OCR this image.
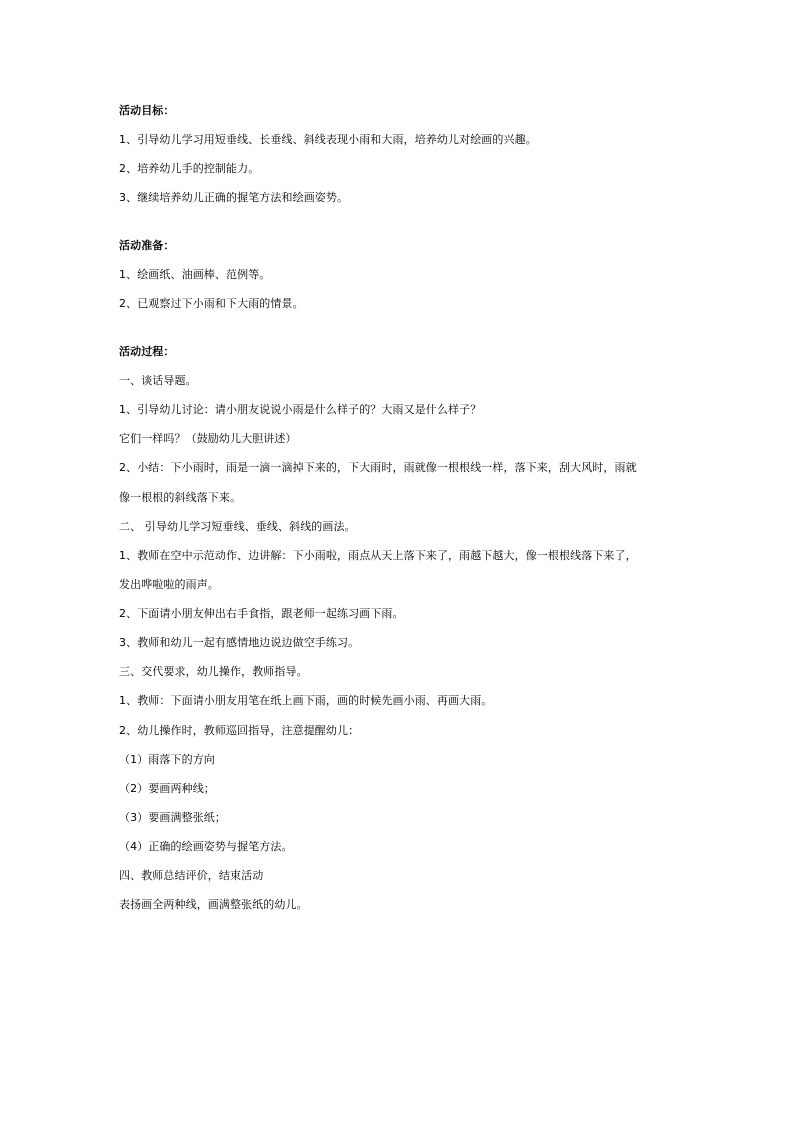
活动目标：
1、引导幼儿学习用短垂线、长垂线、斜线表现小雨和大雨，培养幼儿对绘画的兴趣。
2、培养幼儿手的控制能力。
3、继续培养幼儿正确的握笔方法和绘画姿势。
活动准备：
1、绘画纸、油画棒、范例等。
2、已观察过下小雨和下大雨的情景。
活动过程：
一、谈话导题。
1、引导幼儿讨论：请小朋友说说小雨是什么样子的？大雨又是什么样子？
它们一样吗？（鼓励幼儿大胆讲述）
2、小结：下小雨时，雨是一滴一滴掉下来的，下大雨时，雨就像一根根线一样，落下来，刮大风时，雨就
像一根根的斜线落下来。
二、 引导幼儿学习短垂线、垂线、斜线的画法。
1、教师在空中示范动作、边讲解：下小雨啦，雨点从天上落下来了，雨越下越大，像一根根线落下来了，
发出哗啦啦的雨声。
2、下面请小朋友伸出右手食指，跟老师一起练习画下雨。
3、教师和幼儿一起有感情地边说边做空手练习。
三、交代要求，幼儿操作，教师指导。
1、教师：下面请小朋友用笔在纸上画下雨，画的时候先画小雨、再画大雨。
2、幼儿操作时，教师巡回指导，注意提醒幼儿：
（1）雨落下的方向
（2）要画两种线；
（3）要画满整张纸；
（4）正确的绘画姿势与握笔方法。
四、教师总结评价，结束活动
表扬画全两种线，画满整张纸的幼儿。
